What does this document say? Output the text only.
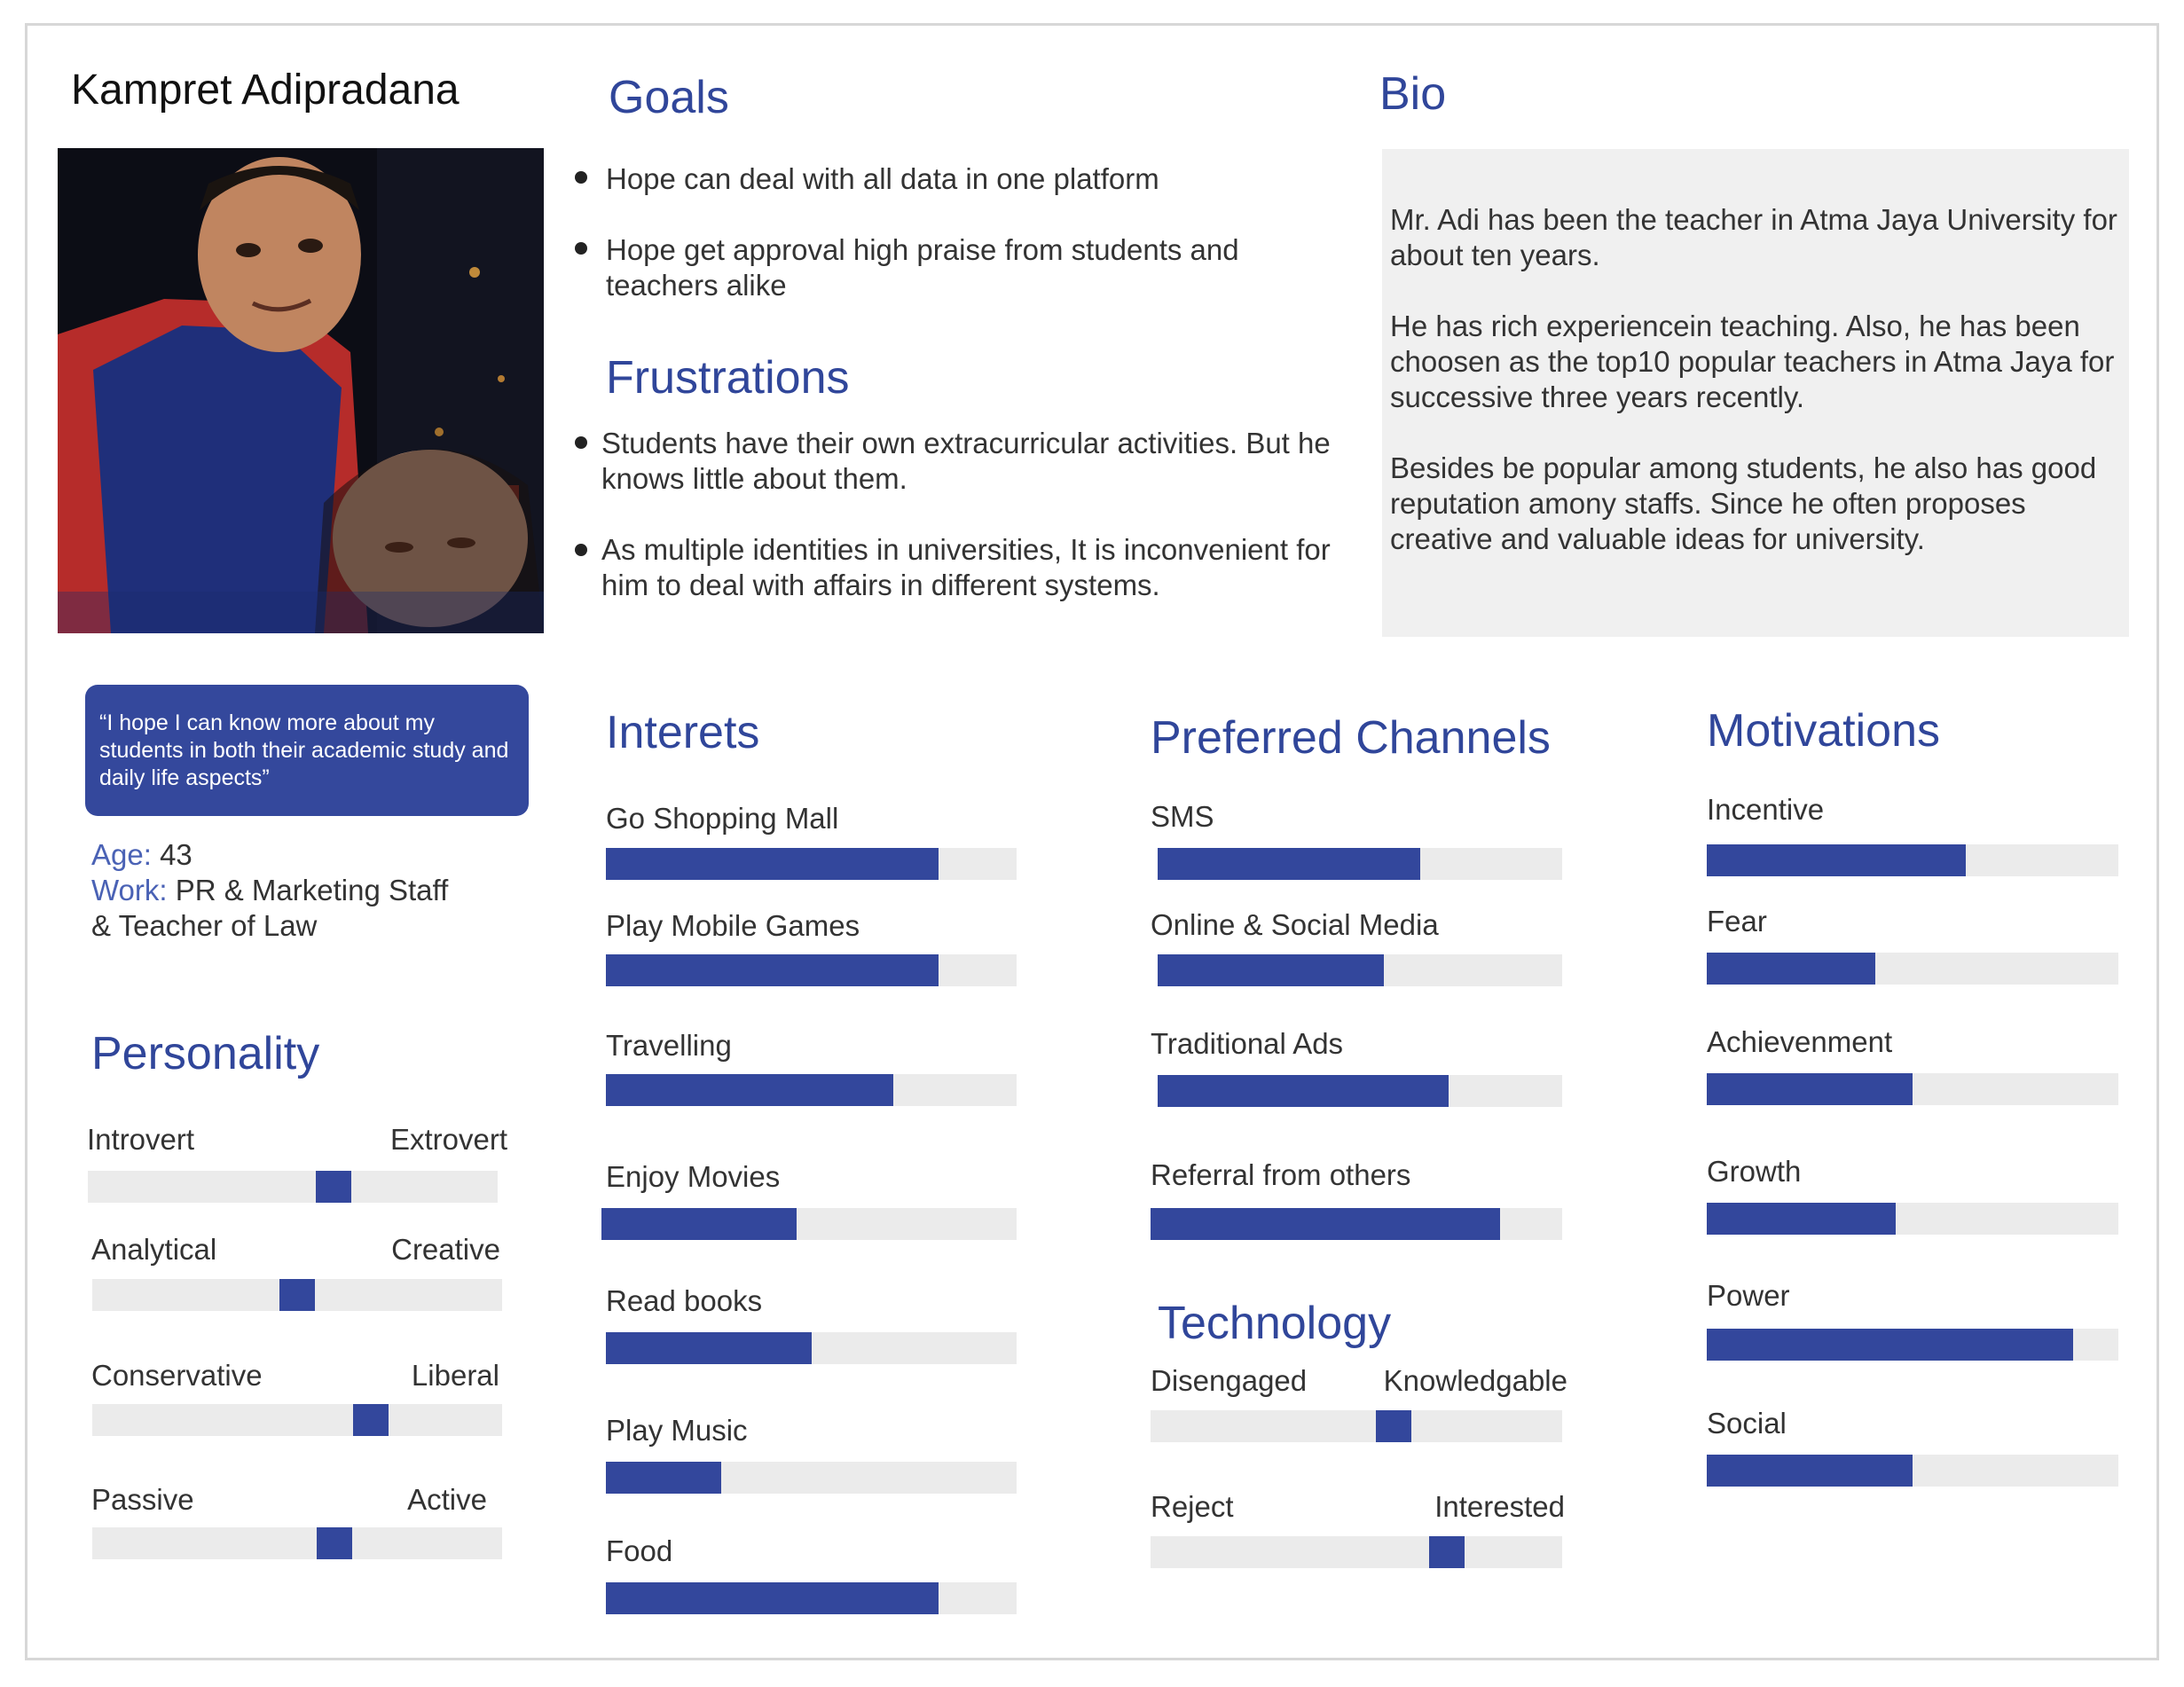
Kampret Adipradana	Goals
Hope can deal with all data in one platform
Hope get approval high praise from students and teachers alike
Frustrations
Students have their own extracurricular activities. But he knows little about them.
As multiple identities in universities, It is inconvenient for him to deal with affairs in different systems.
Bio

Mr. Adi has been the teacher in Atma Jaya University for about ten years.

He has rich experiencein teaching. Also, he has been choosen as the top10 popular teachers in Atma Jaya for successive three years recently.

Besides be popular among students, he also has good reputation amony staffs. Since he often proposes creative and valuable ideas for university.

“I hope I can know more about my students in both their academic study and daily life aspects”
Age: 43
Work: PR & Marketing Staff
& Teacher of Law
Personality
Introvert	Extrovert
Analytical	Creative
Conservative	Liberal
Passive	Active
Interets
Go Shopping Mall
Play Mobile Games
Travelling
Enjoy Movies
Read books
Play Music
Food
Preferred Channels
SMS
Online & Social Media
Traditional Ads
Referral from others
Technology
Disengaged	Knowledgable
Reject	Interested
Motivations
Incentive
Fear
Achievenment
Growth
Power
Social
